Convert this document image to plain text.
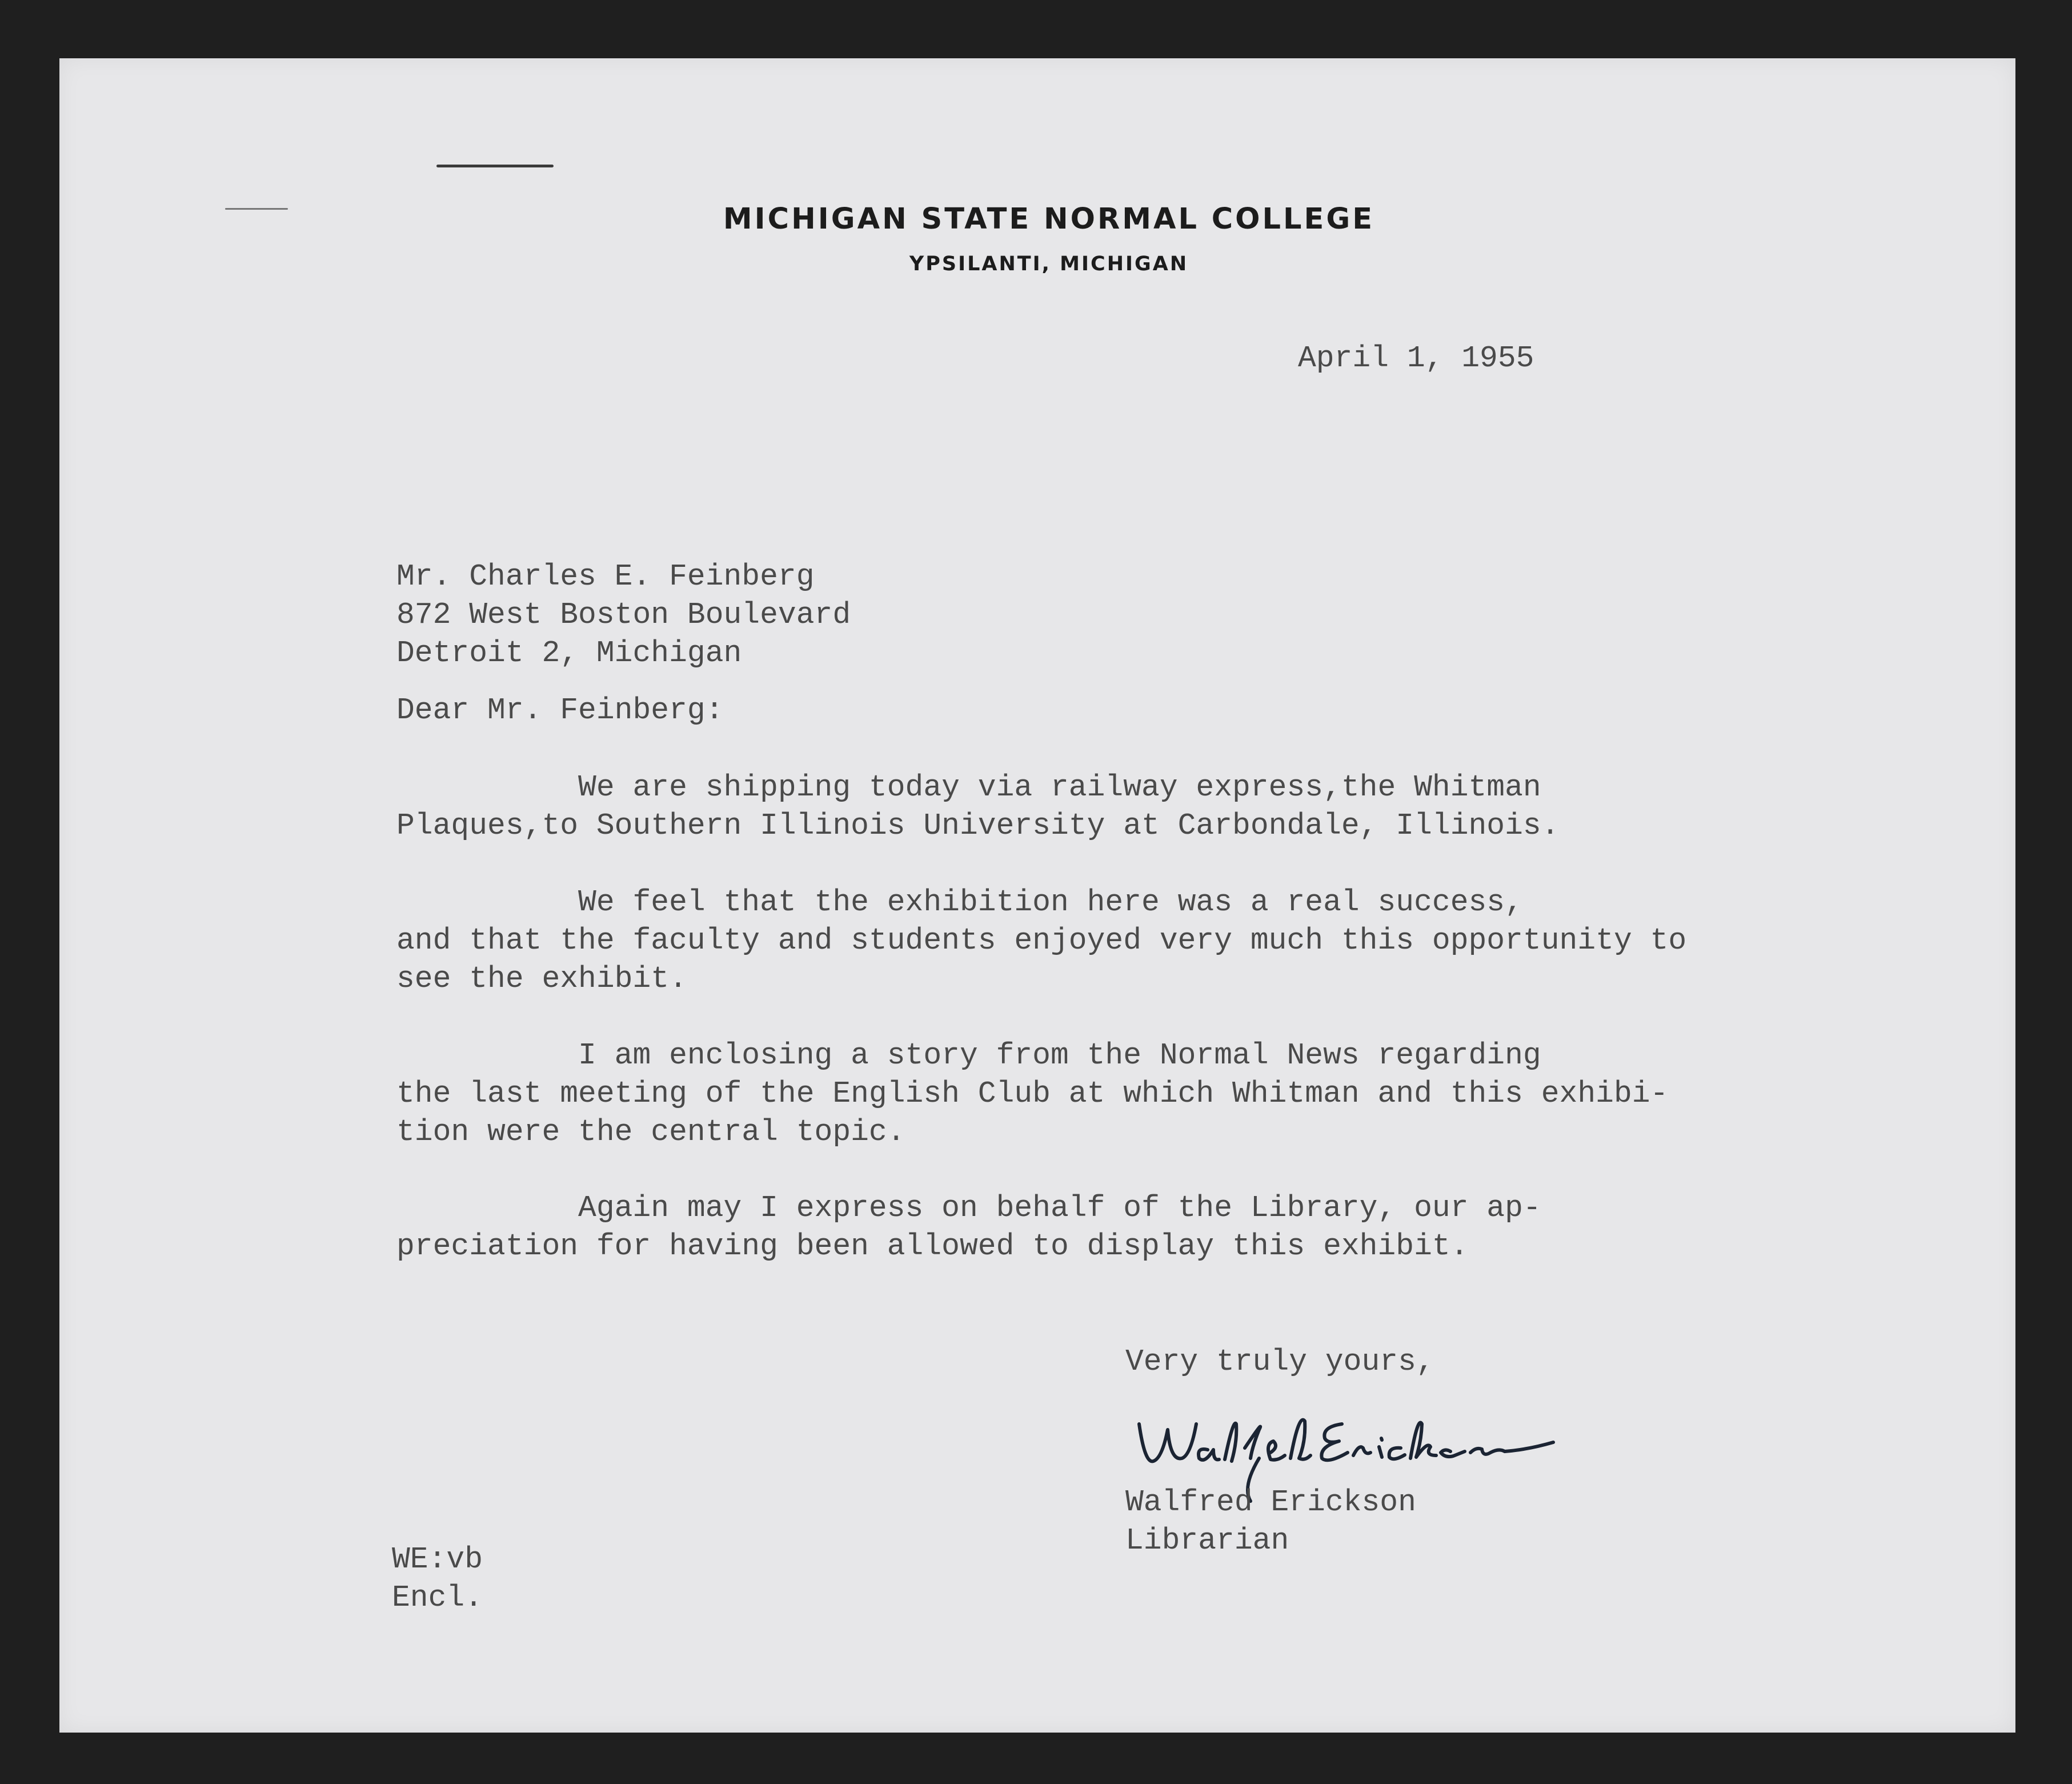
MICHIGAN STATE NORMAL COLLEGE
YPSILANTI, MICHIGAN
April 1, 1955
Mr. Charles E. Feinberg
872 West Boston Boulevard
Detroit 2, Michigan
Dear Mr. Feinberg:
We are shipping today via railway express,the Whitman
Plaques,to Southern Illinois University at Carbondale, Illinois.
We feel that the exhibition here was a real success,
and that the faculty and students enjoyed very much this opportunity to
see the exhibit.
I am enclosing a story from the Normal News regarding
the last meeting of the English Club at which Whitman and this exhibi-
tion were the central topic.
Again may I express on behalf of the Library, our ap-
preciation for having been allowed to display this exhibit.
Very truly yours,
Walfred Erickson
Librarian
WE:vb
Encl.
